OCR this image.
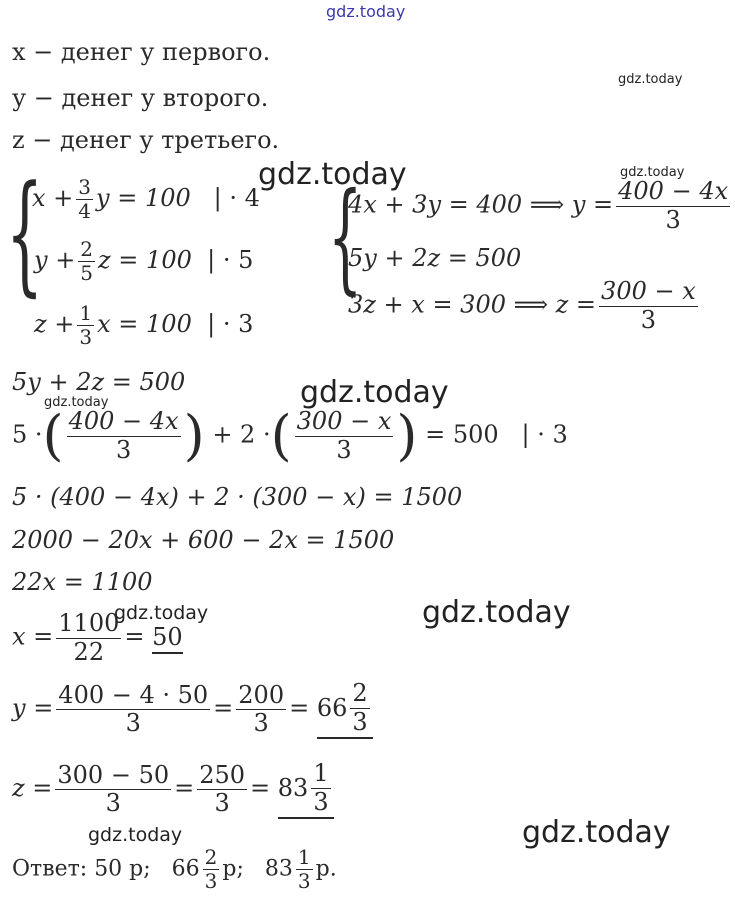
gdz.today
gdz.today
gdz.today	gdz.today
gdz.today
gdz.today
gdz.today	gdz.today
gdz.today	gdz.today
x − денег у первого.
у − денег у второго.
z − денег у третьего.
{
$x + \frac{3}{4}$ y = 100 | · 4
$y + \frac{2}{5}$ z = 100 | · 5
$z + \frac{1}{3}$ x = 100 | · 3
{
4x + 3y = 400 ⟹ $y = \frac{400 - 4x}{3}$
5y + 2z = 500
3z + x = 300 ⟹ $z = \frac{300 - x}{3}$
5y + 2z = 500
5 ·( $\frac{400 - 4x}{3}$ ) + 2 ·( $\frac{300 - x}{3}$ ) = 500 | · 3
5 · (400 − 4x) + 2 · (300 − x) = 1500
2000 − 20x + 600 − 2x = 1500
22x = 1100
$x = \frac{1100}{22} = 50$
$y = \frac{400 - 4 \cdot 50}{3} = \frac{200}{3} = 66 \frac{2}{3}$
$z = \frac{300 - 50}{3} = \frac{250}{3} = 83 \frac{1}{3}$
Ответ: 50 р; $66 \frac{2}{3} р$; $83 \frac{1}{3} р$.
